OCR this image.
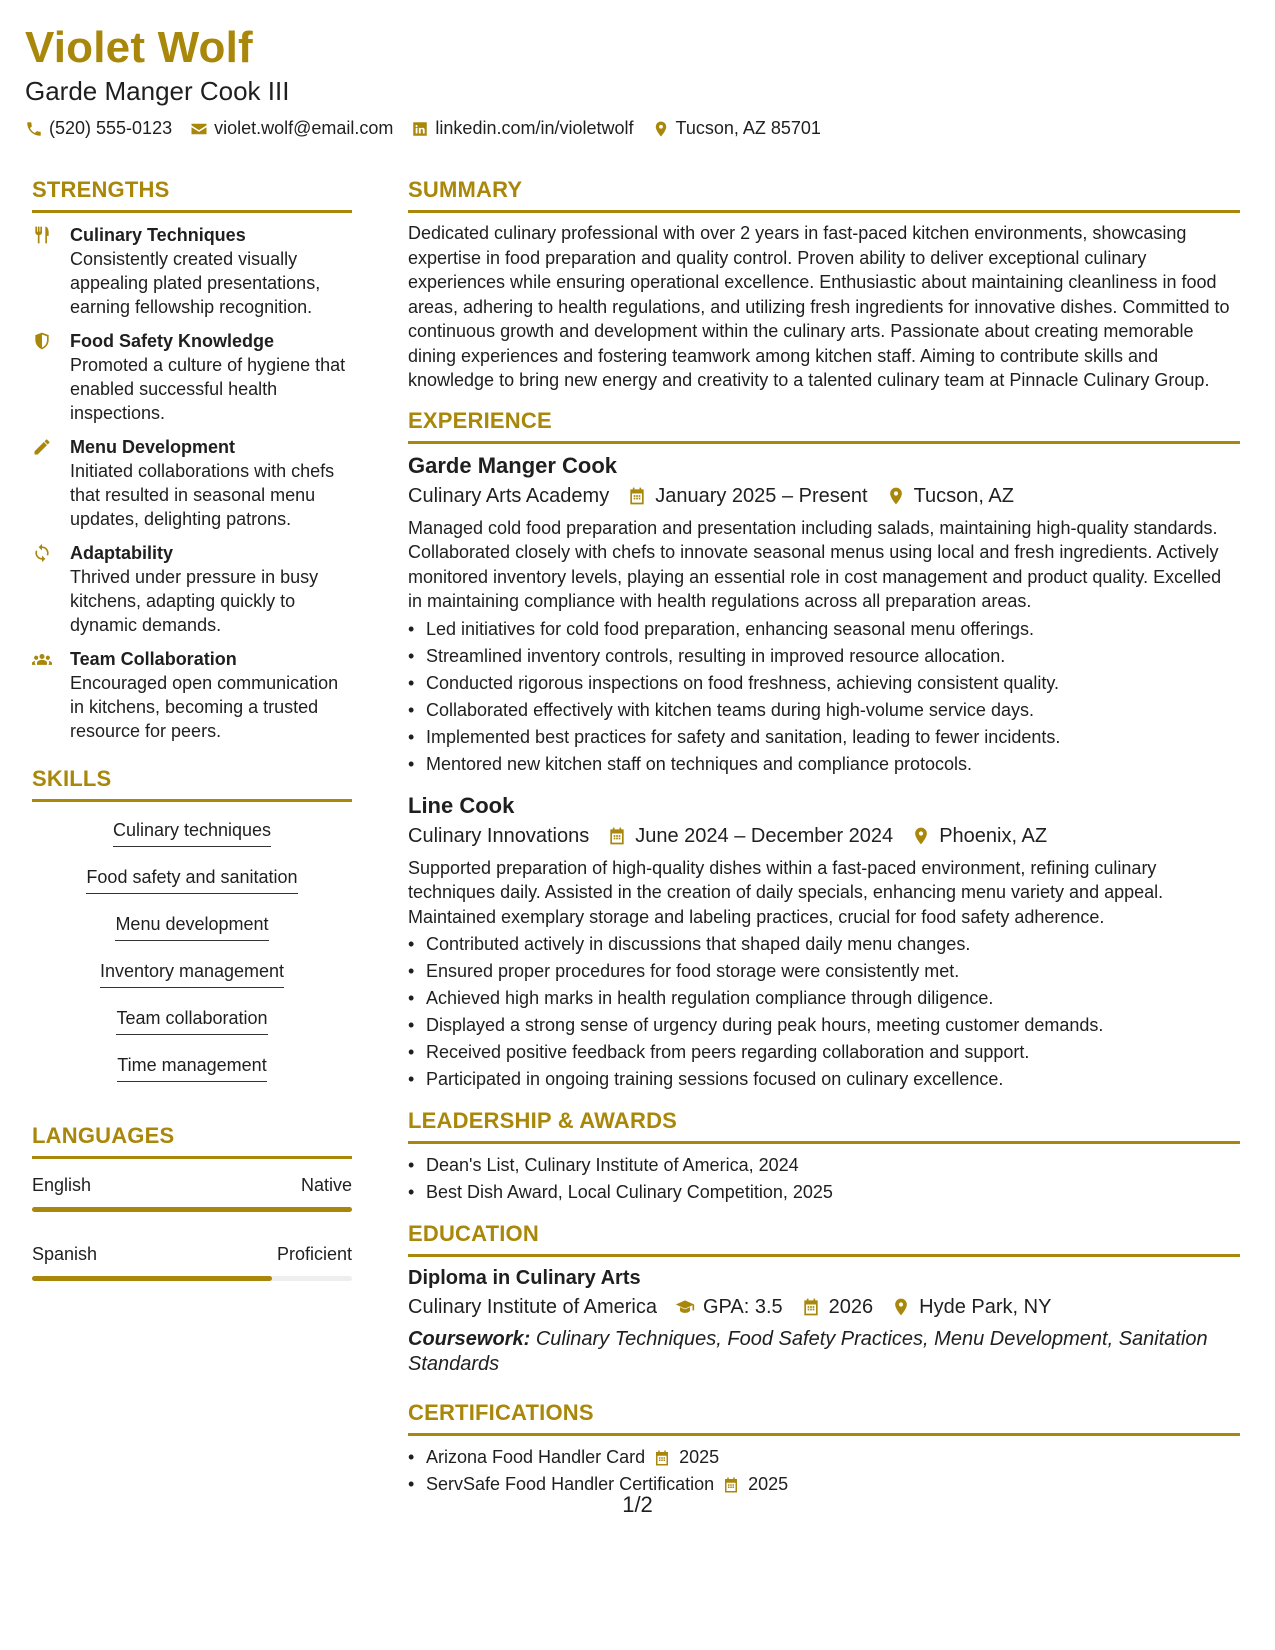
Violet Wolf
Garde Manger Cook III
(520) 555-0123 violet.wolf@email.com linkedin.com/in/violetwolf Tucson, AZ 85701
STRENGTHS
Culinary Techniques
Consistently created visually appealing plated presentations, earning fellowship recognition.
Food Safety Knowledge
Promoted a culture of hygiene that enabled successful health inspections.
Menu Development
Initiated collaborations with chefs that resulted in seasonal menu updates, delighting patrons.
Adaptability
Thrived under pressure in busy kitchens, adapting quickly to dynamic demands.
Team Collaboration
Encouraged open communication in kitchens, becoming a trusted resource for peers.
SKILLS
Culinary techniques
Food safety and sanitation
Menu development
Inventory management
Team collaboration
Time management
LANGUAGES
English	Native
Spanish	Proficient
SUMMARY
Dedicated culinary professional with over 2 years in fast-paced kitchen environments, showcasing expertise in food preparation and quality control. Proven ability to deliver exceptional culinary experiences while ensuring operational excellence. Enthusiastic about maintaining cleanliness in food areas, adhering to health regulations, and utilizing fresh ingredients for innovative dishes. Committed to continuous growth and development within the culinary arts. Passionate about creating memorable dining experiences and fostering teamwork among kitchen staff. Aiming to contribute skills and knowledge to bring new energy and creativity to a talented culinary team at Pinnacle Culinary Group.
EXPERIENCE
Garde Manger Cook
Culinary Arts Academy January 2025 – Present Tucson, AZ
Managed cold food preparation and presentation including salads, maintaining high-quality standards. Collaborated closely with chefs to innovate seasonal menus using local and fresh ingredients. Actively monitored inventory levels, playing an essential role in cost management and product quality. Excelled in maintaining compliance with health regulations across all preparation areas.
• Led initiatives for cold food preparation, enhancing seasonal menu offerings.
• Streamlined inventory controls, resulting in improved resource allocation.
• Conducted rigorous inspections on food freshness, achieving consistent quality.
• Collaborated effectively with kitchen teams during high-volume service days.
• Implemented best practices for safety and sanitation, leading to fewer incidents.
• Mentored new kitchen staff on techniques and compliance protocols.
Line Cook
Culinary Innovations June 2024 – December 2024 Phoenix, AZ
Supported preparation of high-quality dishes within a fast-paced environment, refining culinary techniques daily. Assisted in the creation of daily specials, enhancing menu variety and appeal. Maintained exemplary storage and labeling practices, crucial for food safety adherence.
• Contributed actively in discussions that shaped daily menu changes.
• Ensured proper procedures for food storage were consistently met.
• Achieved high marks in health regulation compliance through diligence.
• Displayed a strong sense of urgency during peak hours, meeting customer demands.
• Received positive feedback from peers regarding collaboration and support.
• Participated in ongoing training sessions focused on culinary excellence.
LEADERSHIP & AWARDS
• Dean's List, Culinary Institute of America, 2024
• Best Dish Award, Local Culinary Competition, 2025
EDUCATION
Diploma in Culinary Arts
Culinary Institute of America GPA: 3.5 2026 Hyde Park, NY
Coursework: Culinary Techniques, Food Safety Practices, Menu Development, Sanitation Standards
CERTIFICATIONS
• Arizona Food Handler Card 2025
• ServSafe Food Handler Certification 2025
1/2
